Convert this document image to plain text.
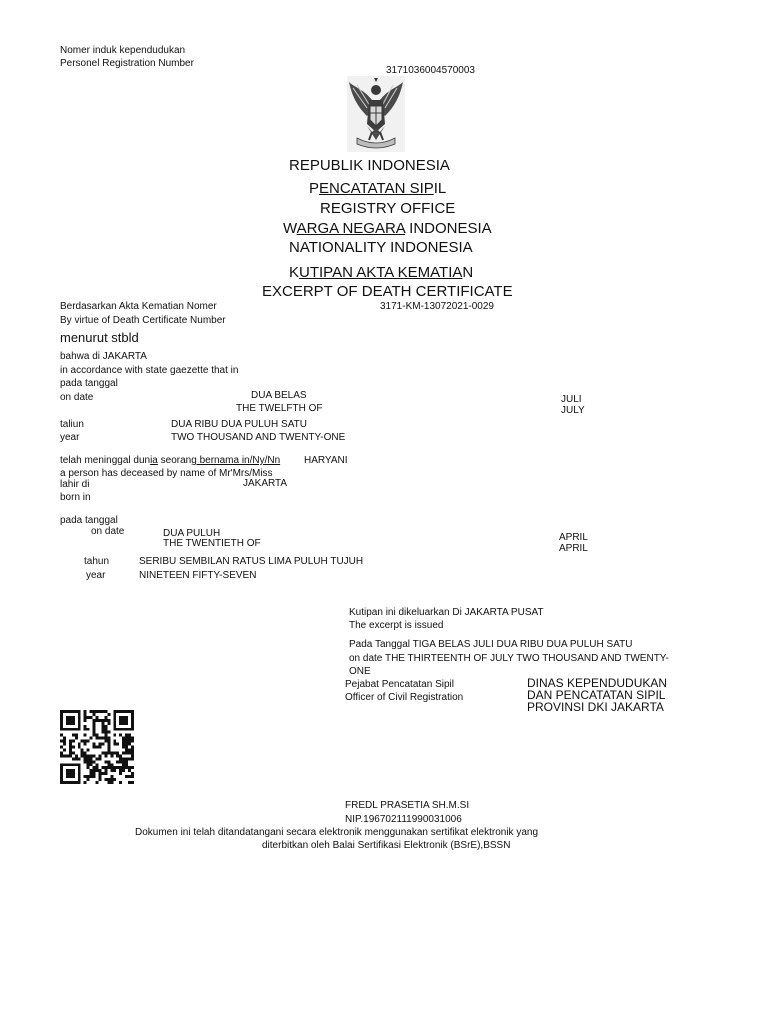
Nomer induk kependudukan
Personel Registration Number
3171036004570003
REPUBLIK INDONESIA
PENCATATAN SIPIL
REGISTRY OFFICE
WARGA NEGARA INDONESIA
NATIONALITY INDONESIA
KUTIPAN AKTA KEMATIAN
EXCERPT OF DEATH CERTIFICATE
Berdasarkan Akta Kematian Nomer
By virtue of Death Certificate Number
3171-KM-13072021-0029
menurut stbld
bahwa di JAKARTA
in accordance with state gaezette that in
pada tanggal
on date	DUA BELAS
THE TWELFTH OF
JULI
JULY
taliun
year
DUA RIBU DUA PULUH SATU
TWO THOUSAND AND TWENTY-ONE
telah meninggal dunia seorang bernama in/Ny/Nn
a person has deceased by name of Mr'Mrs/Miss
HARYANI
lahir di
born in
JAKARTA
pada tanggal
on date	DUA PULUH
THE TWENTIETH OF
APRIL
APRIL
tahun
year
SERIBU SEMBILAN RATUS LIMA PULUH TUJUH
NINETEEN FIFTY-SEVEN
Kutipan ini dikeluarkan Di JAKARTA PUSAT
The excerpt is issued
Pada Tanggal TIGA BELAS JULI DUA RIBU DUA PULUH SATU
on date THE THIRTEENTH OF JULY TWO THOUSAND AND TWENTY-
ONE
Pejabat Pencatatan Sipil
Officer of Civil Registration
DINAS KEPENDUDUKAN
DAN PENCATATAN SIPIL
PROVINSI DKI JAKARTA
FREDL PRASETIA SH.M.SI
NIP.196702111990031006
Dokumen ini telah ditandatangani secara elektronik menggunakan sertifikat elektronik yang
diterbitkan oleh Balai Sertifikasi Elektronik (BSrE),BSSN
